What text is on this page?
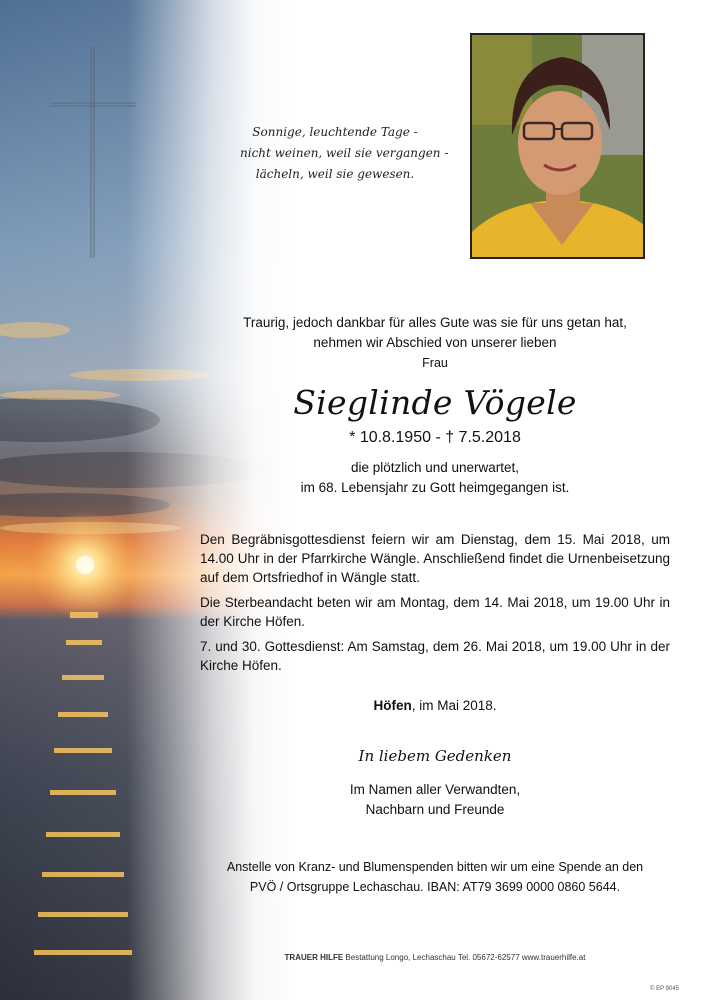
Sonnige, leuchtende Tage -
nicht weinen, weil sie vergangen -
lächeln, weil sie gewesen.
Traurig, jedoch dankbar für alles Gute was sie für uns getan hat,
nehmen wir Abschied von unserer lieben
Frau
Sieglinde Vögele
* 10.8.1950 - † 7.5.2018
die plötzlich und unerwartet,
im 68. Lebensjahr zu Gott heimgegangen ist.

Den Begräbnisgottesdienst feiern wir am Dienstag, dem 15. Mai 2018, um 14.00 Uhr in der Pfarrkirche Wängle. Anschließend findet die Urnenbeisetzung auf dem Ortsfriedhof in Wängle statt.

Die Sterbeandacht beten wir am Montag, dem 14. Mai 2018, um 19.00 Uhr in der Kirche Höfen.

7. und 30. Gottesdienst: Am Samstag, dem 26. Mai 2018, um 19.00 Uhr in der Kirche Höfen.

Höfen, im Mai 2018.
In liebem Gedenken
Im Namen aller Verwandten,
Nachbarn und Freunde
Anstelle von Kranz- und Blumenspenden bitten wir um eine Spende an den
PVÖ / Ortsgruppe Lechaschau. IBAN: AT79 3699 0000 0860 5644.
TRAUER HILFE Bestattung Longo, Lechaschau Tel. 05672-62577 www.trauerhilfe.at
© EP 9045
